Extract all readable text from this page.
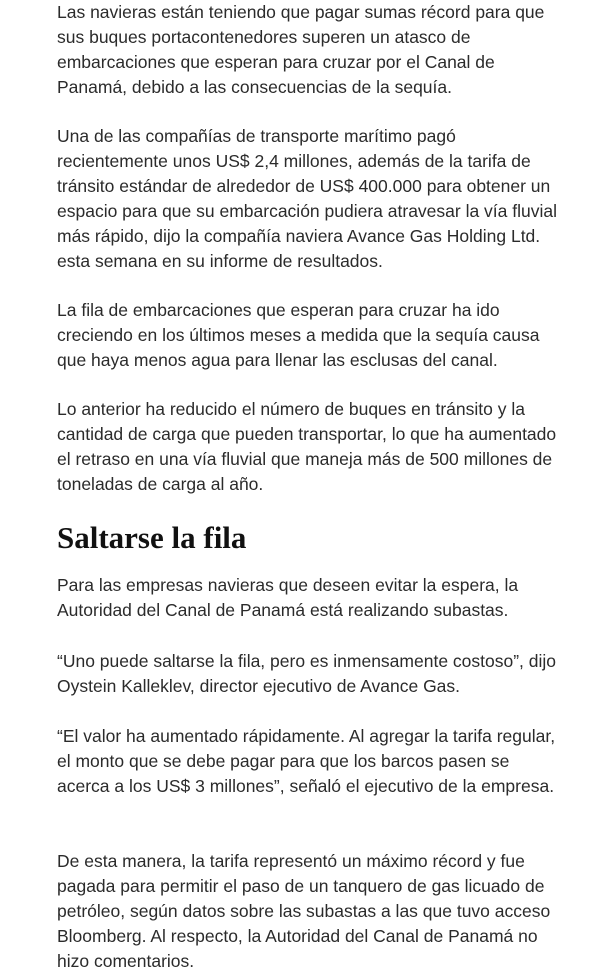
Las navieras están teniendo que pagar sumas récord para que sus buques portacontenedores superen un atasco de embarcaciones que esperan para cruzar por el Canal de Panamá, debido a las consecuencias de la sequía.

Una de las compañías de transporte marítimo pagó recientemente unos US$ 2,4 millones, además de la tarifa de tránsito estándar de alrededor de US$ 400.000 para obtener un espacio para que su embarcación pudiera atravesar la vía fluvial más rápido, dijo la compañía naviera Avance Gas Holding Ltd. esta semana en su informe de resultados.

La fila de embarcaciones que esperan para cruzar ha ido creciendo en los últimos meses a medida que la sequía causa que haya menos agua para llenar las esclusas del canal.

Lo anterior ha reducido el número de buques en tránsito y la cantidad de carga que pueden transportar, lo que ha aumentado el retraso en una vía fluvial que maneja más de 500 millones de toneladas de carga al año.

Saltarse la fila

Para las empresas navieras que deseen evitar la espera, la Autoridad del Canal de Panamá está realizando subastas.

“Uno puede saltarse la fila, pero es inmensamente costoso”, dijo Oystein Kalleklev, director ejecutivo de Avance Gas.

“El valor ha aumentado rápidamente. Al agregar la tarifa regular, el monto que se debe pagar para que los barcos pasen se acerca a los US$ 3 millones”, señaló el ejecutivo de la empresa.

De esta manera, la tarifa representó un máximo récord y fue pagada para permitir el paso de un tanquero de gas licuado de petróleo, según datos sobre las subastas a las que tuvo acceso Bloomberg. Al respecto, la Autoridad del Canal de Panamá no hizo comentarios.
